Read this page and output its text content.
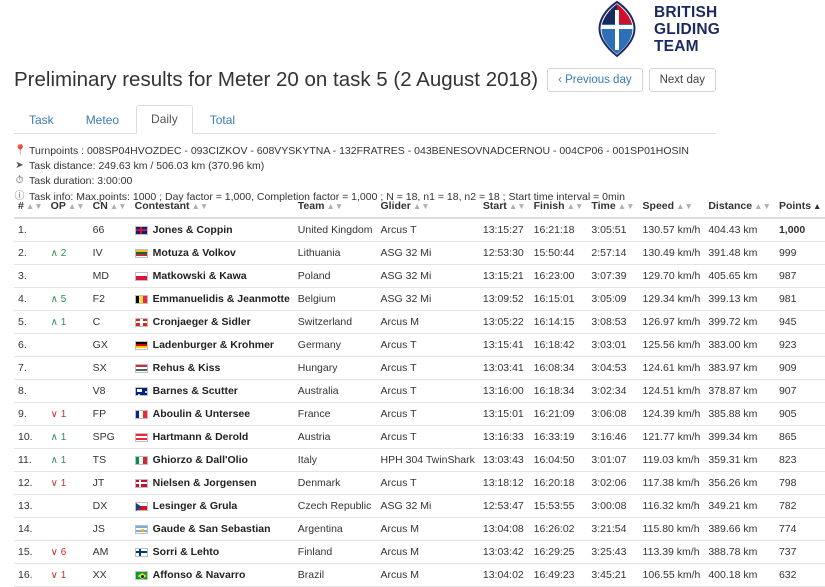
BRITISH
GLIDING
TEAM
Preliminary results for Meter 20 on task 5 (2 August 2018)	‹ Previous day	Next day
Task	Meteo	Daily	Total
📍 Turnpoints : 008SP04HVOZDEC - 093CIZKOV - 608VYSKYTNA - 132FRATRES - 043BENESOVNADCERNOU - 004CP06 - 001SP01HOSIN
➤ Task distance: 249.63 km / 506.03 km (370.96 km)
⏱ Task duration: 3:00:00
ⓘ Task info: Max.points: 1000 ; Day factor = 1,000, Completion factor = 1,000 ; N = 18, n1 = 18, n2 = 18 ; Start time interval = 0min
# ▲▼	OP ▲▼	CN ▲▼	Contestant ▲▼	Team ▲▼	Glider ▲▼	Start ▲▼	Finish ▲▼	Time ▲▼	Speed ▲▼	Distance ▲▼	Points ▲
1.		66	Jones & Coppin	United Kingdom	Arcus T	13:15:27	16:21:18	3:05:51	130.57 km/h	404.43 km	1,000
2.	∧ 2	IV	Motuza & Volkov	Lithuania	ASG 32 Mi	12:53:30	15:50:44	2:57:14	130.49 km/h	391.48 km	999
3.		MD	Matkowski & Kawa	Poland	ASG 32 Mi	13:15:21	16:23:00	3:07:39	129.70 km/h	405.65 km	987
4.	∧ 5	F2	Emmanuelidis & Jeanmotte	Belgium	ASG 32 Mi	13:09:52	16:15:01	3:05:09	129.34 km/h	399.13 km	981
5.	∧ 1	C	Cronjaeger & Sidler	Switzerland	Arcus M	13:05:22	16:14:15	3:08:53	126.97 km/h	399.72 km	945
6.		GX	Ladenburger & Krohmer	Germany	Arcus T	13:15:41	16:18:42	3:03:01	125.56 km/h	383.00 km	923
7.		SX	Rehus & Kiss	Hungary	Arcus T	13:03:41	16:08:34	3:04:53	124.61 km/h	383.97 km	909
8.		V8	Barnes & Scutter	Australia	Arcus T	13:16:00	16:18:34	3:02:34	124.51 km/h	378.87 km	907
9.	∨ 1	FP	Aboulin & Untersee	France	Arcus T	13:15:01	16:21:09	3:06:08	124.39 km/h	385.88 km	905
10.	∧ 1	SPG	Hartmann & Derold	Austria	Arcus T	13:16:33	16:33:19	3:16:46	121.77 km/h	399.34 km	865
11.	∧ 1	TS	Ghiorzo & Dall'Olio	Italy	HPH 304 TwinShark	13:03:43	16:04:50	3:01:07	119.03 km/h	359.31 km	823
12.	∨ 1	JT	Nielsen & Jorgensen	Denmark	Arcus T	13:18:12	16:20:18	3:02:06	117.38 km/h	356.26 km	798
13.		DX	Lesinger & Grula	Czech Republic	ASG 32 Mi	12:53:47	15:53:55	3:00:08	116.32 km/h	349.21 km	782
14.		JS	Gaude & San Sebastian	Argentina	Arcus M	13:04:08	16:26:02	3:21:54	115.80 km/h	389.66 km	774
15.	∨ 6	AM	Sorri & Lehto	Finland	Arcus M	13:03:42	16:29:25	3:25:43	113.39 km/h	388.78 km	737
16.	∨ 1	XX	Affonso & Navarro	Brazil	Arcus M	13:04:02	16:49:23	3:45:21	106.55 km/h	400.18 km	632
